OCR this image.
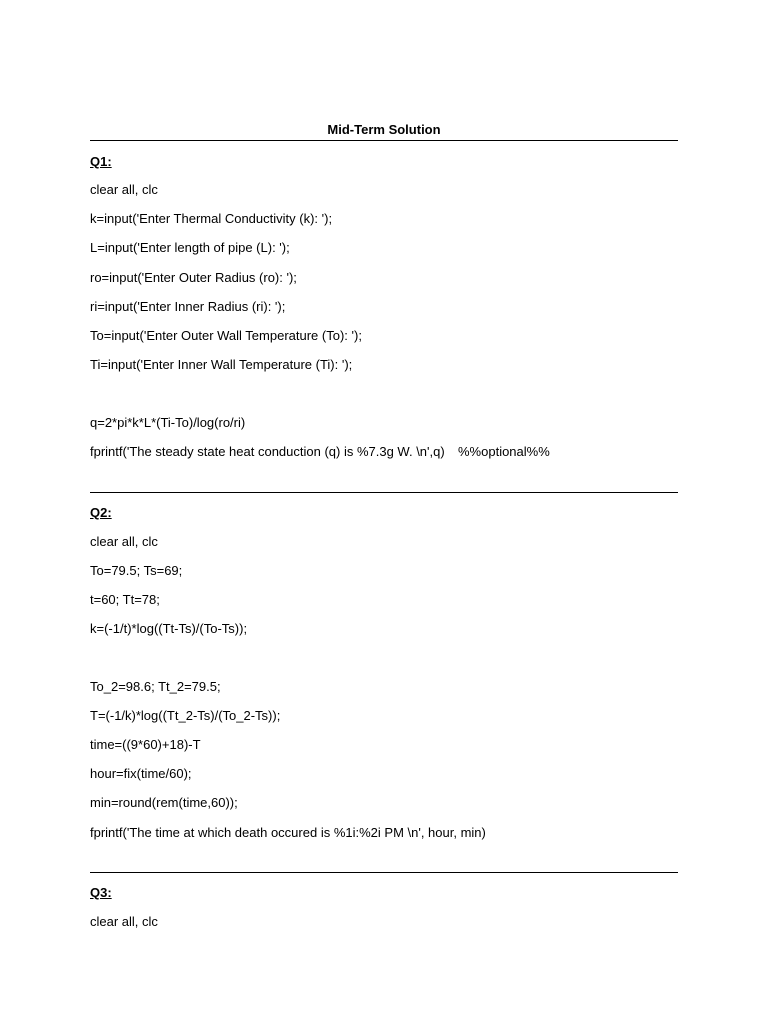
Mid-Term Solution
Q1:
clear all, clc
k=input('Enter Thermal Conductivity (k): ');
L=input('Enter length of pipe (L): ');
ro=input('Enter Outer Radius (ro): ');
ri=input('Enter Inner Radius (ri): ');
To=input('Enter Outer Wall Temperature (To): ');
Ti=input('Enter Inner Wall Temperature (Ti): ');
q=2*pi*k*L*(Ti-To)/log(ro/ri)
fprintf('The steady state heat conduction (q) is %7.3g W. \n',q) %%optional%%
Q2:
clear all, clc
To=79.5; Ts=69;
t=60; Tt=78;
k=(-1/t)*log((Tt-Ts)/(To-Ts));
To_2=98.6; Tt_2=79.5;
T=(-1/k)*log((Tt_2-Ts)/(To_2-Ts));
time=((9*60)+18)-T
hour=fix(time/60);
min=round(rem(time,60));
fprintf('The time at which death occured is %1i:%2i PM \n', hour, min)
Q3:
clear all, clc
